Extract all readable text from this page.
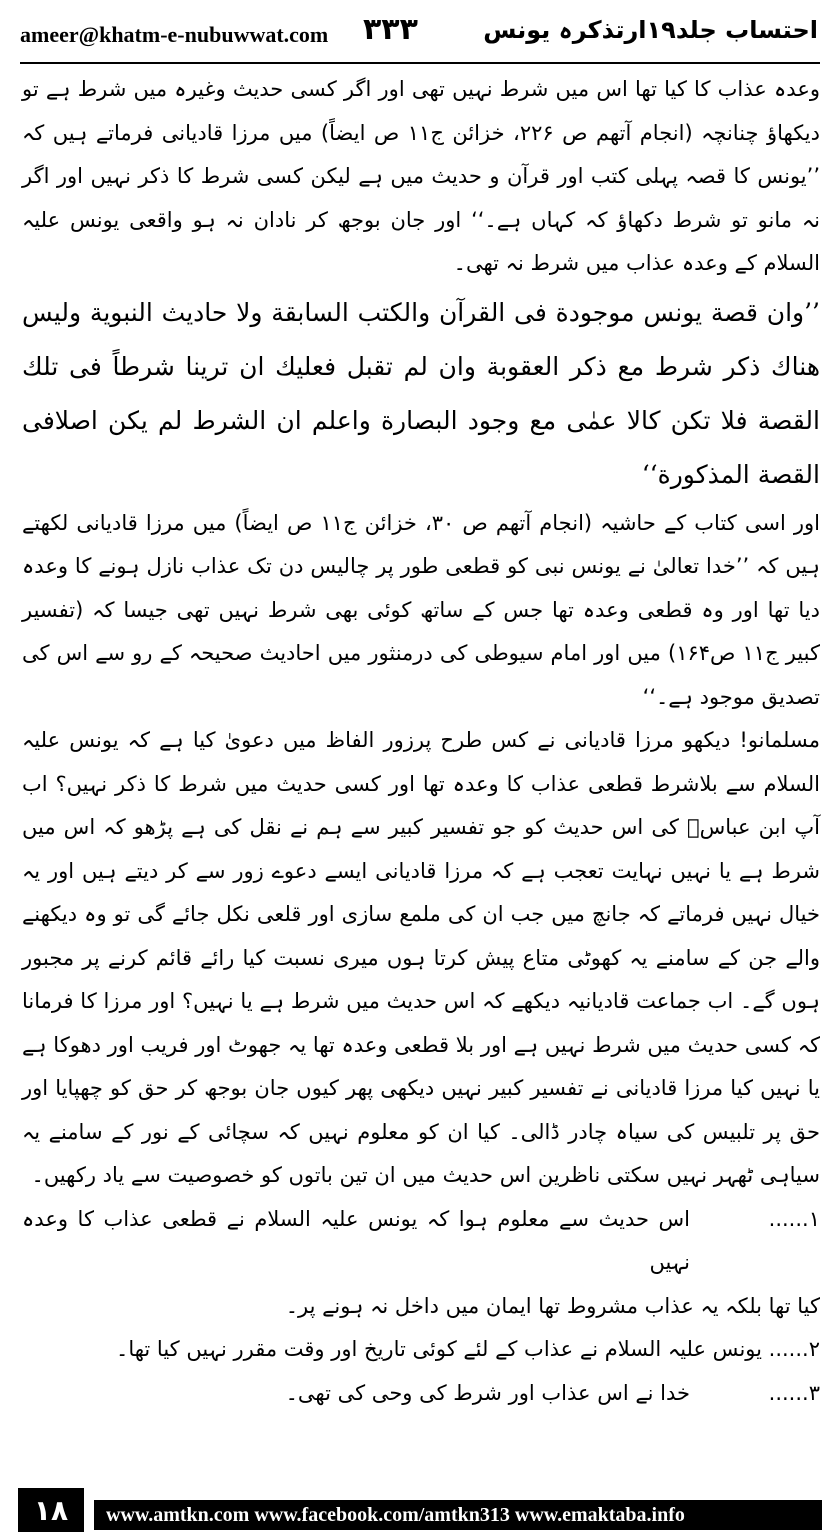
ameer@khatm-e-nubuwwat.com ۳۳۳	احتساب جلد۱۹ارتذکرہ یونس

وعدہ عذاب کا کیا تھا اس میں شرط نہیں تھی اور اگر کسی حدیث وغیرہ میں شرط ہے تو دیکھاؤ چنانچہ (انجام آتھم ص ۲۲۶، خزائن ج۱۱ ص ایضاً) میں مرزا قادیانی فرماتے ہیں کہ ’’یونس کا قصہ پہلی کتب اور قرآن و حدیث میں ہے لیکن کسی شرط کا ذکر نہیں اور اگر نہ مانو تو شرط دکھاؤ کہ کہاں ہے۔‘‘ اور جان بوجھ کر نادان نہ ہو واقعی یونس علیہ السلام کے وعدہ عذاب میں شرط نہ تھی۔

’’وان قصة يونس موجودة فى القرآن والكتب السابقة ولا حاديث النبوية وليس هناك ذكر شرط مع ذكر العقوبة وان لم تقبل فعليك ان ترينا شرطاً فى تلك القصة فلا تكن كالا عمٰى مع وجود البصارة واعلم ان الشرط لم يكن اصلافى القصة المذكورة‘‘

اور اسی کتاب کے حاشیہ (انجام آتھم ص ۳۰، خزائن ج۱۱ ص ایضاً) میں مرزا قادیانی لکھتے ہیں کہ ’’خدا تعالیٰ نے یونس نبی کو قطعی طور پر چالیس دن تک عذاب نازل ہونے کا وعدہ دیا تھا اور وہ قطعی وعدہ تھا جس کے ساتھ کوئی بھی شرط نہیں تھی جیسا کہ (تفسیر کبیر ج۱۱ ص۱۶۴) میں اور امام سیوطی کی درمنثور میں احادیث صحیحہ کے رو سے اس کی تصدیق موجود ہے۔‘‘

مسلمانو! دیکھو مرزا قادیانی نے کس طرح پرزور الفاظ میں دعویٰ کیا ہے کہ یونس علیہ السلام سے بلاشرط قطعی عذاب کا وعدہ تھا اور کسی حدیث میں شرط کا ذکر نہیں؟ اب آپ ابن عباسؓ کی اس حدیث کو جو تفسیر کبیر سے ہم نے نقل کی ہے پڑھو کہ اس میں شرط ہے یا نہیں نہایت تعجب ہے کہ مرزا قادیانی ایسے دعوے زور سے کر دیتے ہیں اور یہ خیال نہیں فرماتے کہ جانچ میں جب ان کی ملمع سازی اور قلعی نکل جائے گی تو وہ دیکھنے والے جن کے سامنے یہ کھوٹی متاع پیش کرتا ہوں میری نسبت کیا رائے قائم کرنے پر مجبور ہوں گے۔ اب جماعت قادیانیہ دیکھے کہ اس حدیث میں شرط ہے یا نہیں؟ اور مرزا کا فرمانا کہ کسی حدیث میں شرط نہیں ہے اور بلا قطعی وعدہ تھا یہ جھوٹ اور فریب اور دھوکا ہے یا نہیں کیا مرزا قادیانی نے تفسیر کبیر نہیں دیکھی پھر کیوں جان بوجھ کر حق کو چھپایا اور حق پر تلبیس کی سیاہ چادر ڈالی۔ کیا ان کو معلوم نہیں کہ سچائی کے نور کے سامنے یہ سیاہی ٹھہر نہیں سکتی ناظرین اس حدیث میں ان تین باتوں کو خصوصیت سے یاد رکھیں۔

۱......
اس حدیث سے معلوم ہوا کہ یونس علیہ السلام نے قطعی عذاب کا وعدہ نہیں

کیا تھا بلکہ یہ عذاب مشروط تھا ایمان میں داخل نہ ہونے پر۔

۲......
یونس علیہ السلام نے عذاب کے لئے کوئی تاریخ اور وقت مقرر نہیں کیا تھا۔
۳......
خدا نے اس عذاب اور شرط کی وحی کی تھی۔
۱۸	www.amtkn.com www.facebook.com/amtkn313 www.emaktaba.info
